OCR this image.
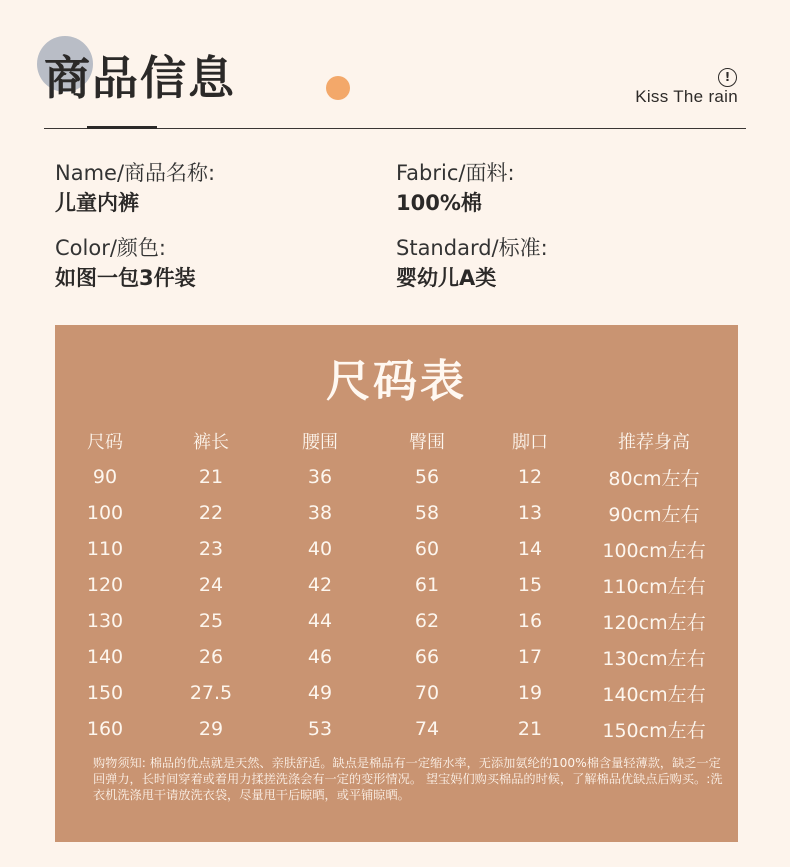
商品信息	!
Kiss The rain
Name/商品名称:
儿童内裤
Fabric/面料:
100%棉
Color/颜色:
如图一包3件装
Standard/标准:
婴幼儿A类
尺码表
尺码	裤长	腰围	臀围	脚口	推荐身高
90	21	36	56	12	80cm左右
100	22	38	58	13	90cm左右
110	23	40	60	14	100cm左右
120	24	42	61	15	110cm左右
130	25	44	62	16	120cm左右
140	26	46	66	17	130cm左右
150	27.5	49	70	19	140cm左右
160	29	53	74	21	150cm左右

购物须知: 棉品的优点就是天然、亲肤舒适。缺点是棉品有一定缩水率，无添加氨纶的100%棉含量轻薄款，缺乏一定回弹力，长时间穿着或着用力揉搓洗涤会有一定的变形情况。 望宝妈们购买棉品的时候，了解棉品优缺点后购买。:洗衣机洗涤甩干请放洗衣袋，尽量甩干后晾晒，或平铺晾晒。
